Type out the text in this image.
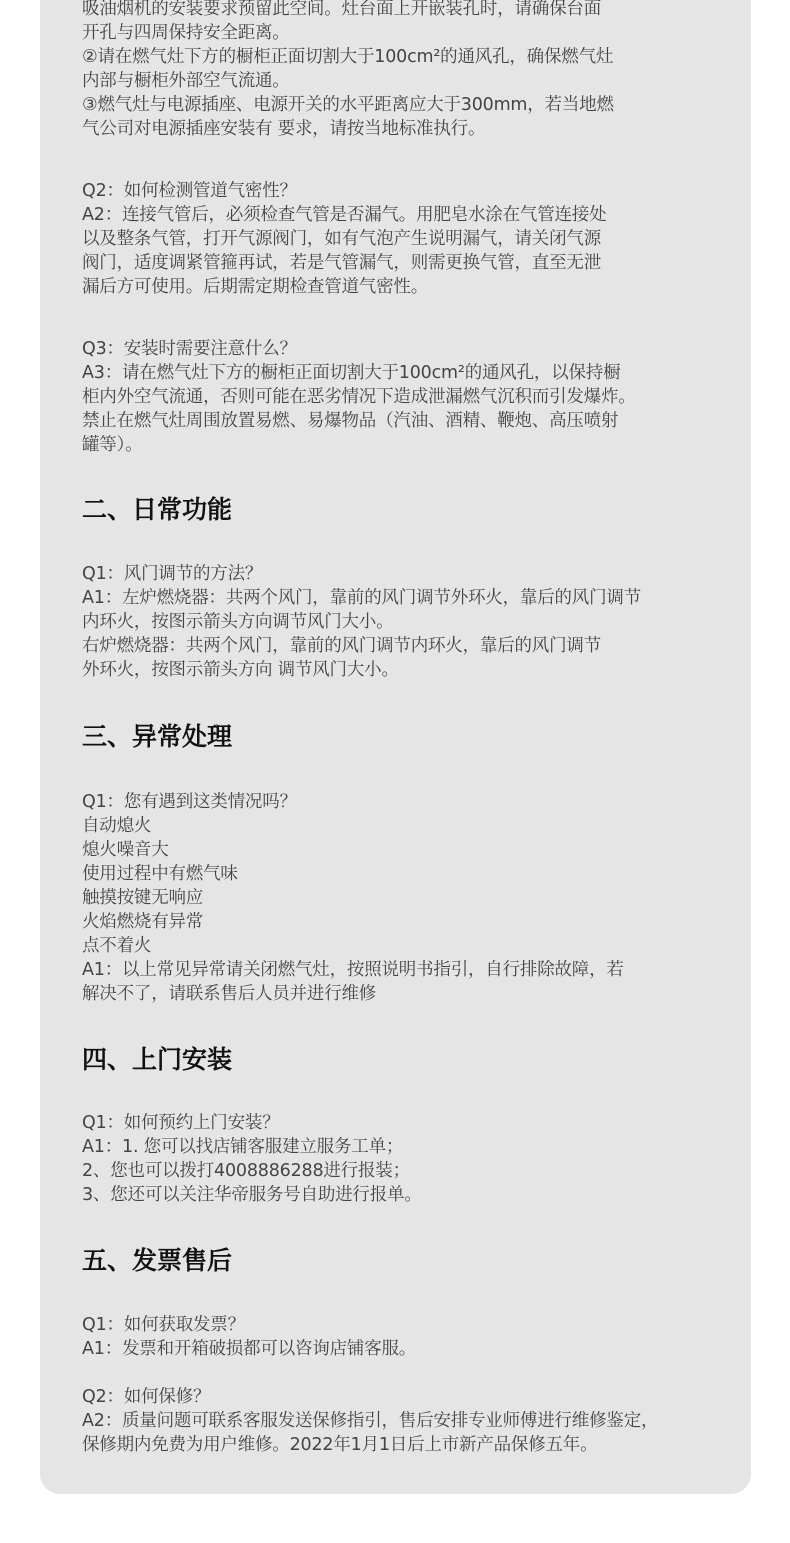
吸油烟机的安装要求预留此空间。灶台面上开嵌装孔时，请确保台面
开孔与四周保持安全距离。
②请在燃气灶下方的橱柜正面切割大于100cm²的通风孔，确保燃气灶
内部与橱柜外部空气流通。
③燃气灶与电源插座、电源开关的水平距离应大于300mm，若当地燃
气公司对电源插座安装有 要求，请按当地标准执行。
Q2：如何检测管道气密性？
A2：连接气管后，必须检查气管是否漏气。用肥皂水涂在气管连接处
以及整条气管，打开气源阀门，如有气泡产生说明漏气，请关闭气源
阀门，适度调紧管箍再试，若是气管漏气，则需更换气管，直至无泄
漏后方可使用。后期需定期检查管道气密性。
Q3：安装时需要注意什么？
A3：请在燃气灶下方的橱柜正面切割大于100cm²的通风孔，以保持橱
柜内外空气流通，否则可能在恶劣情况下造成泄漏燃气沉积而引发爆炸。
禁止在燃气灶周围放置易燃、易爆物品（汽油、酒精、鞭炮、高压喷射
罐等）。
二、日常功能
Q1：风门调节的方法？
A1：左炉燃烧器：共两个风门，靠前的风门调节外环火，靠后的风门调节
内环火，按图示箭头方向调节风门大小。
右炉燃烧器：共两个风门，靠前的风门调节内环火，靠后的风门调节
外环火，按图示箭头方向 调节风门大小。
三、异常处理
Q1：您有遇到这类情况吗？
自动熄火
熄火噪音大
使用过程中有燃气味
触摸按键无响应
火焰燃烧有异常
点不着火
A1：以上常见异常请关闭燃气灶，按照说明书指引，自行排除故障，若
解决不了，请联系售后人员并进行维修
四、上门安装
Q1：如何预约上门安装？
A1：1. 您可以找店铺客服建立服务工单；
2、您也可以拨打4008886288进行报装；
3、您还可以关注华帝服务号自助进行报单。
五、发票售后
Q1：如何获取发票？
A1：发票和开箱破损都可以咨询店铺客服。
Q2：如何保修？
A2：质量问题可联系客服发送保修指引，售后安排专业师傅进行维修鉴定，
保修期内免费为用户维修。2022年1月1日后上市新产品保修五年。
